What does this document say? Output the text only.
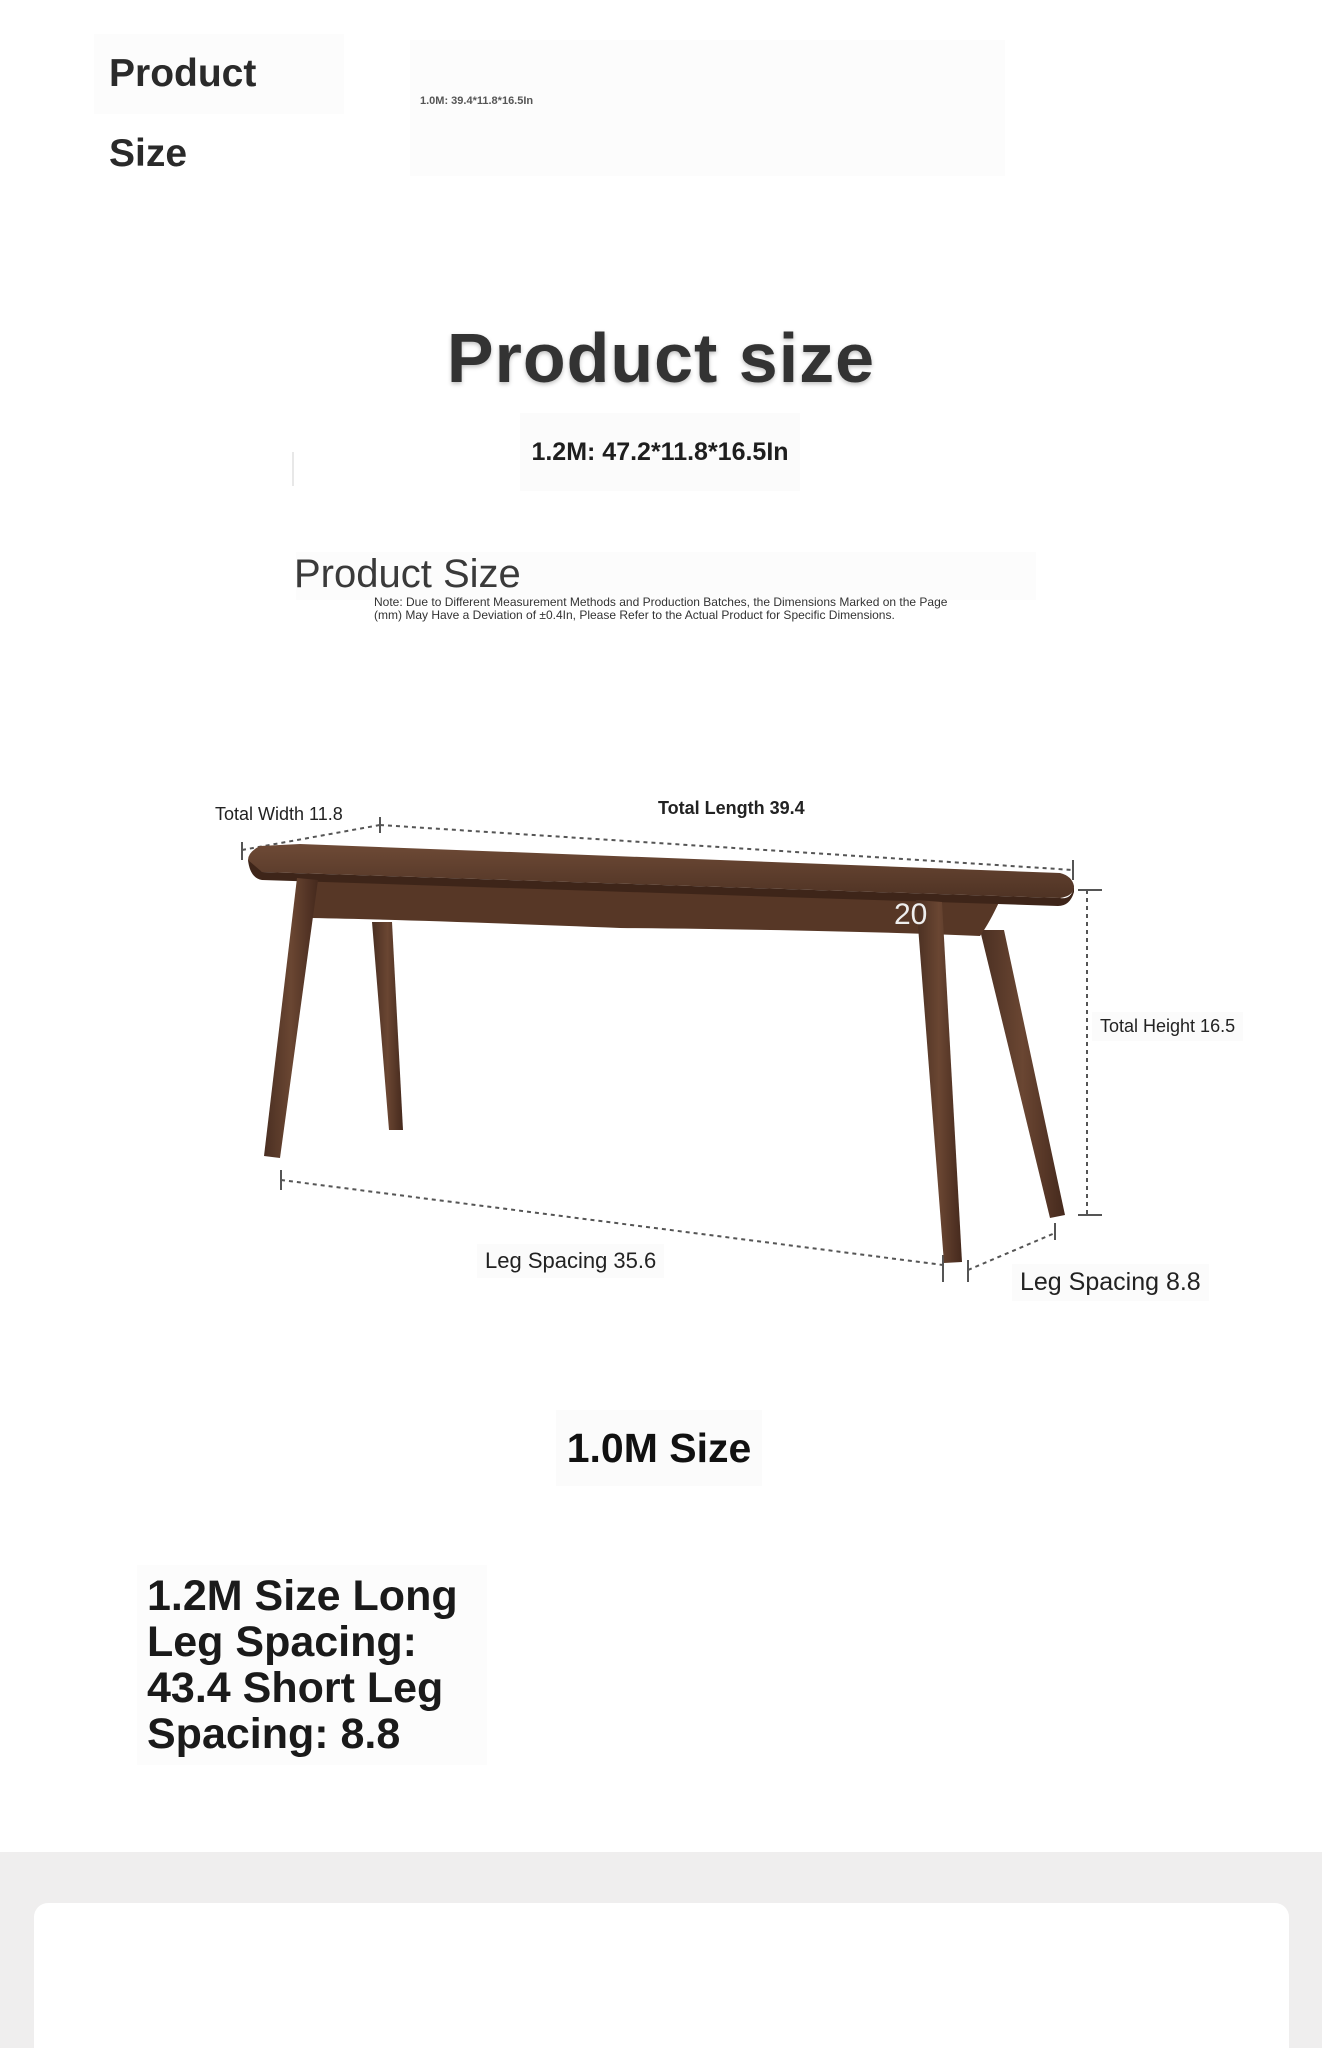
Product Size
1.0M: 39.4*11.8*16.5In
Product size
1.2M: 47.2*11.8*16.5In
Product Size
Note: Due to Different Measurement Methods and Production Batches, the Dimensions Marked on the Page (mm) May Have a Deviation of ±0.4In, Please Refer to the Actual Product for Specific Dimensions.
Total Width 11.8	Total Length 39.4
20
Total Height 16.5
Leg Spacing 35.6
Leg Spacing 8.8
1.0M Size
1.2M Size Long Leg Spacing: 43.4 Short Leg Spacing: 8.8
